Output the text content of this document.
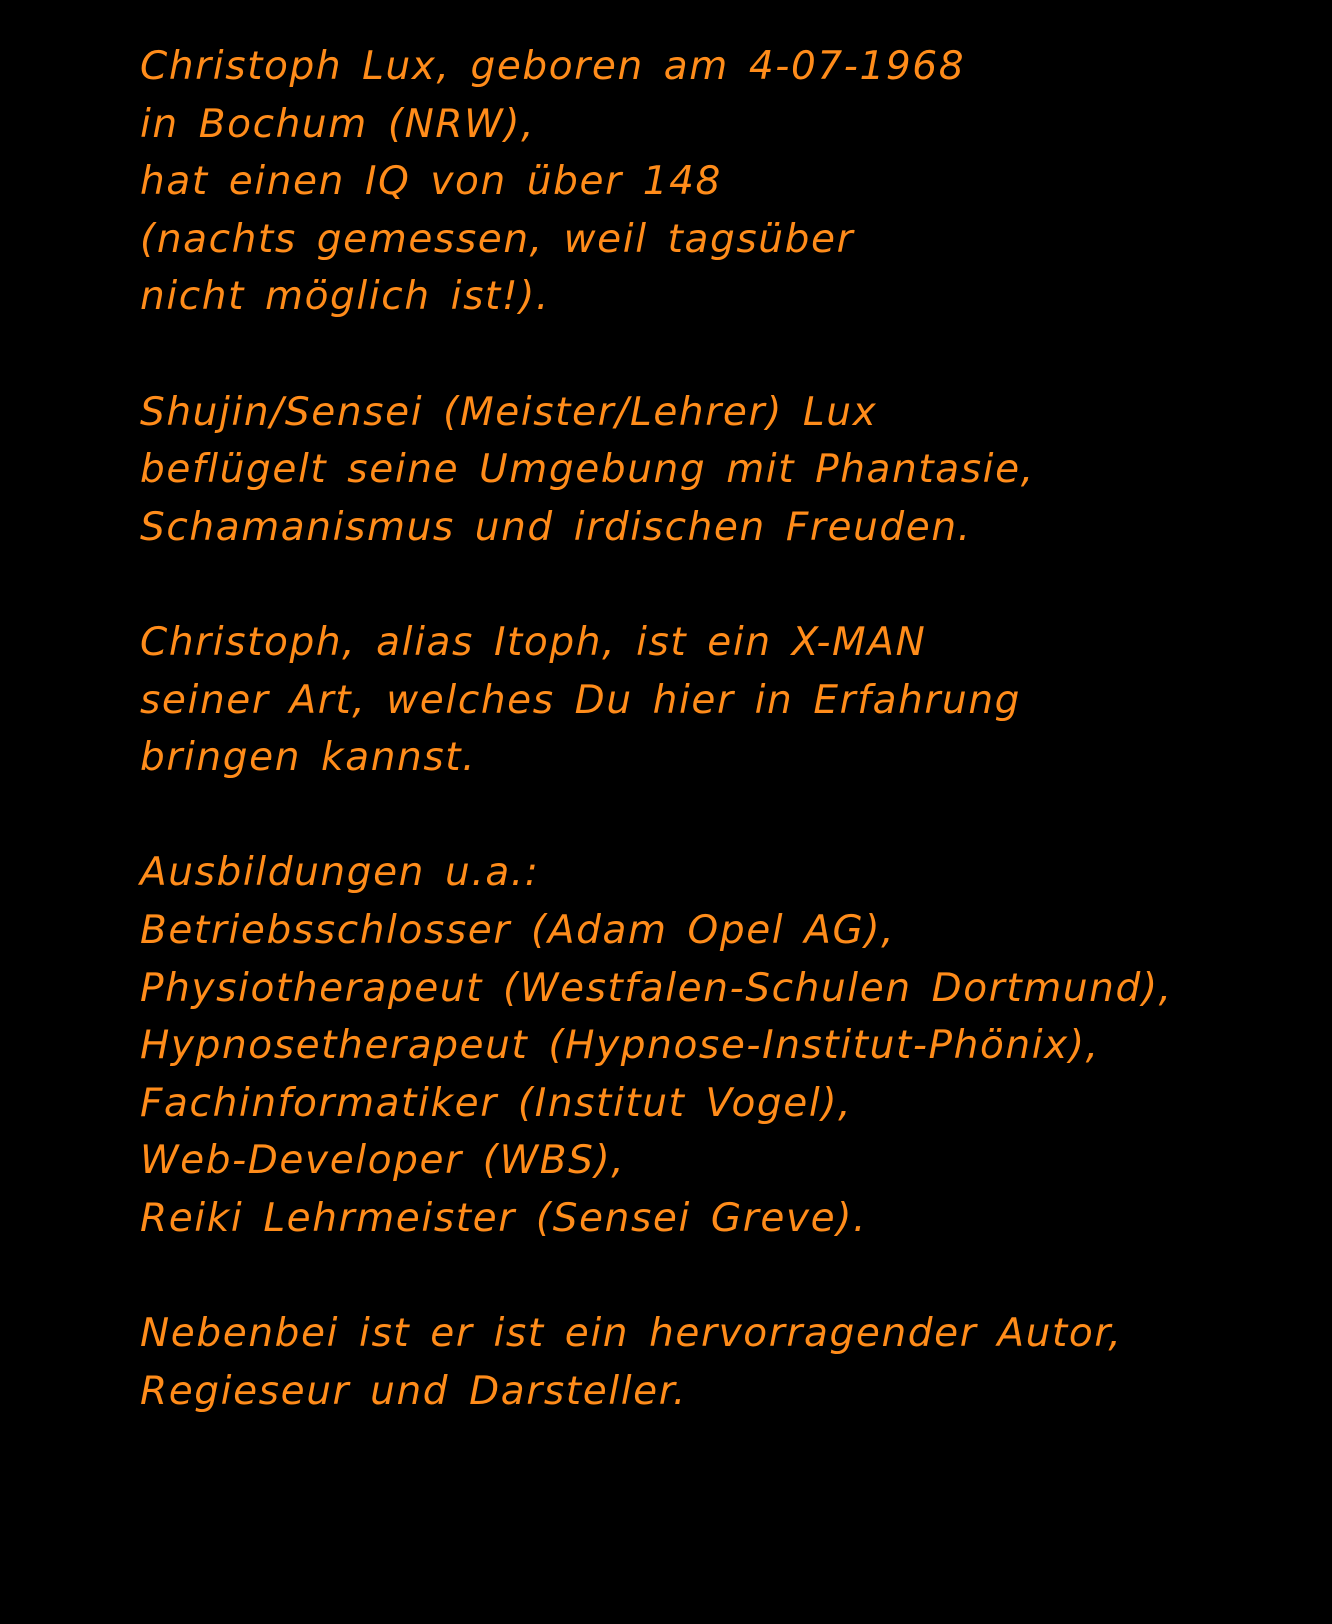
Christoph Lux, geboren am 4-07-1968
in Bochum (NRW),
hat einen IQ von über 148
(nachts gemessen, weil tagsüber
nicht möglich ist!).
Shujin/Sensei (Meister/Lehrer) Lux
beflügelt seine Umgebung mit Phantasie,
Schamanismus und irdischen Freuden.
Christoph, alias Itoph, ist ein X-MAN
seiner Art, welches Du hier in Erfahrung
bringen kannst.
Ausbildungen u.a.:
Betriebsschlosser (Adam Opel AG),
Physiotherapeut (Westfalen-Schulen Dortmund),
Hypnosetherapeut (Hypnose-Institut-Phönix),
Fachinformatiker (Institut Vogel),
Web-Developer (WBS),
Reiki Lehrmeister (Sensei Greve).
Nebenbei ist er ist ein hervorragender Autor,
Regieseur und Darsteller.
